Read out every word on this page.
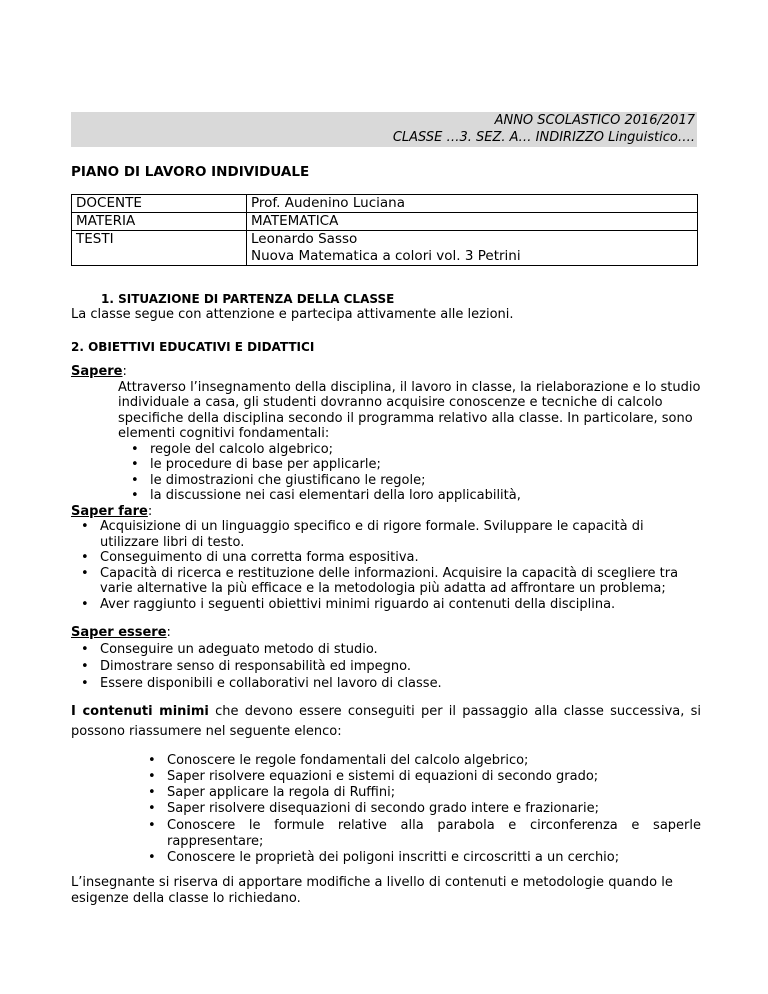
ANNO SCOLASTICO 2016/2017
CLASSE …3. SEZ. A… INDIRIZZO Linguistico….
PIANO DI LAVORO INDIVIDUALE
DOCENTE	Prof. Audenino Luciana
MATERIA	MATEMATICA
TESTI	Leonardo Sasso
Nuova Matematica a colori vol. 3 Petrini
1. SITUAZIONE DI PARTENZA DELLA CLASSE
La classe segue con attenzione e partecipa attivamente alle lezioni.
2. OBIETTIVI EDUCATIVI E DIDATTICI
Sapere:
Attraverso l’insegnamento della disciplina, il lavoro in classe, la rielaborazione e lo studio individuale a casa, gli studenti dovranno acquisire conoscenze e tecniche di calcolo specifiche della disciplina secondo il programma relativo alla classe. In particolare, sono elementi cognitivi fondamentali:
• regole del calcolo algebrico;
• le procedure di base per applicarle;
• le dimostrazioni che giustificano le regole;
• la discussione nei casi elementari della loro applicabilità,
Saper fare:
• Acquisizione di un linguaggio specifico e di rigore formale. Sviluppare le capacità di utilizzare libri di testo.
• Conseguimento di una corretta forma espositiva.
• Capacità di ricerca e restituzione delle informazioni. Acquisire la capacità di scegliere tra varie alternative la più efficace e la metodologia più adatta ad affrontare un problema;
• Aver raggiunto i seguenti obiettivi minimi riguardo ai contenuti della disciplina.
Saper essere:
• Conseguire un adeguato metodo di studio.
• Dimostrare senso di responsabilità ed impegno.
• Essere disponibili e collaborativi nel lavoro di classe.
I contenuti minimi che devono essere conseguiti per il passaggio alla classe successiva, si possono riassumere nel seguente elenco:
• Conoscere le regole fondamentali del calcolo algebrico;
• Saper risolvere equazioni e sistemi di equazioni di secondo grado;
• Saper applicare la regola di Ruffini;
• Saper risolvere disequazioni di secondo grado intere e frazionarie;
• Conoscere le formule relative alla parabola e circonferenza e saperle
rappresentare;
• Conoscere le proprietà dei poligoni inscritti e circoscritti a un cerchio;
L’insegnante si riserva di apportare modifiche a livello di contenuti e metodologie quando le esigenze della classe lo richiedano.
